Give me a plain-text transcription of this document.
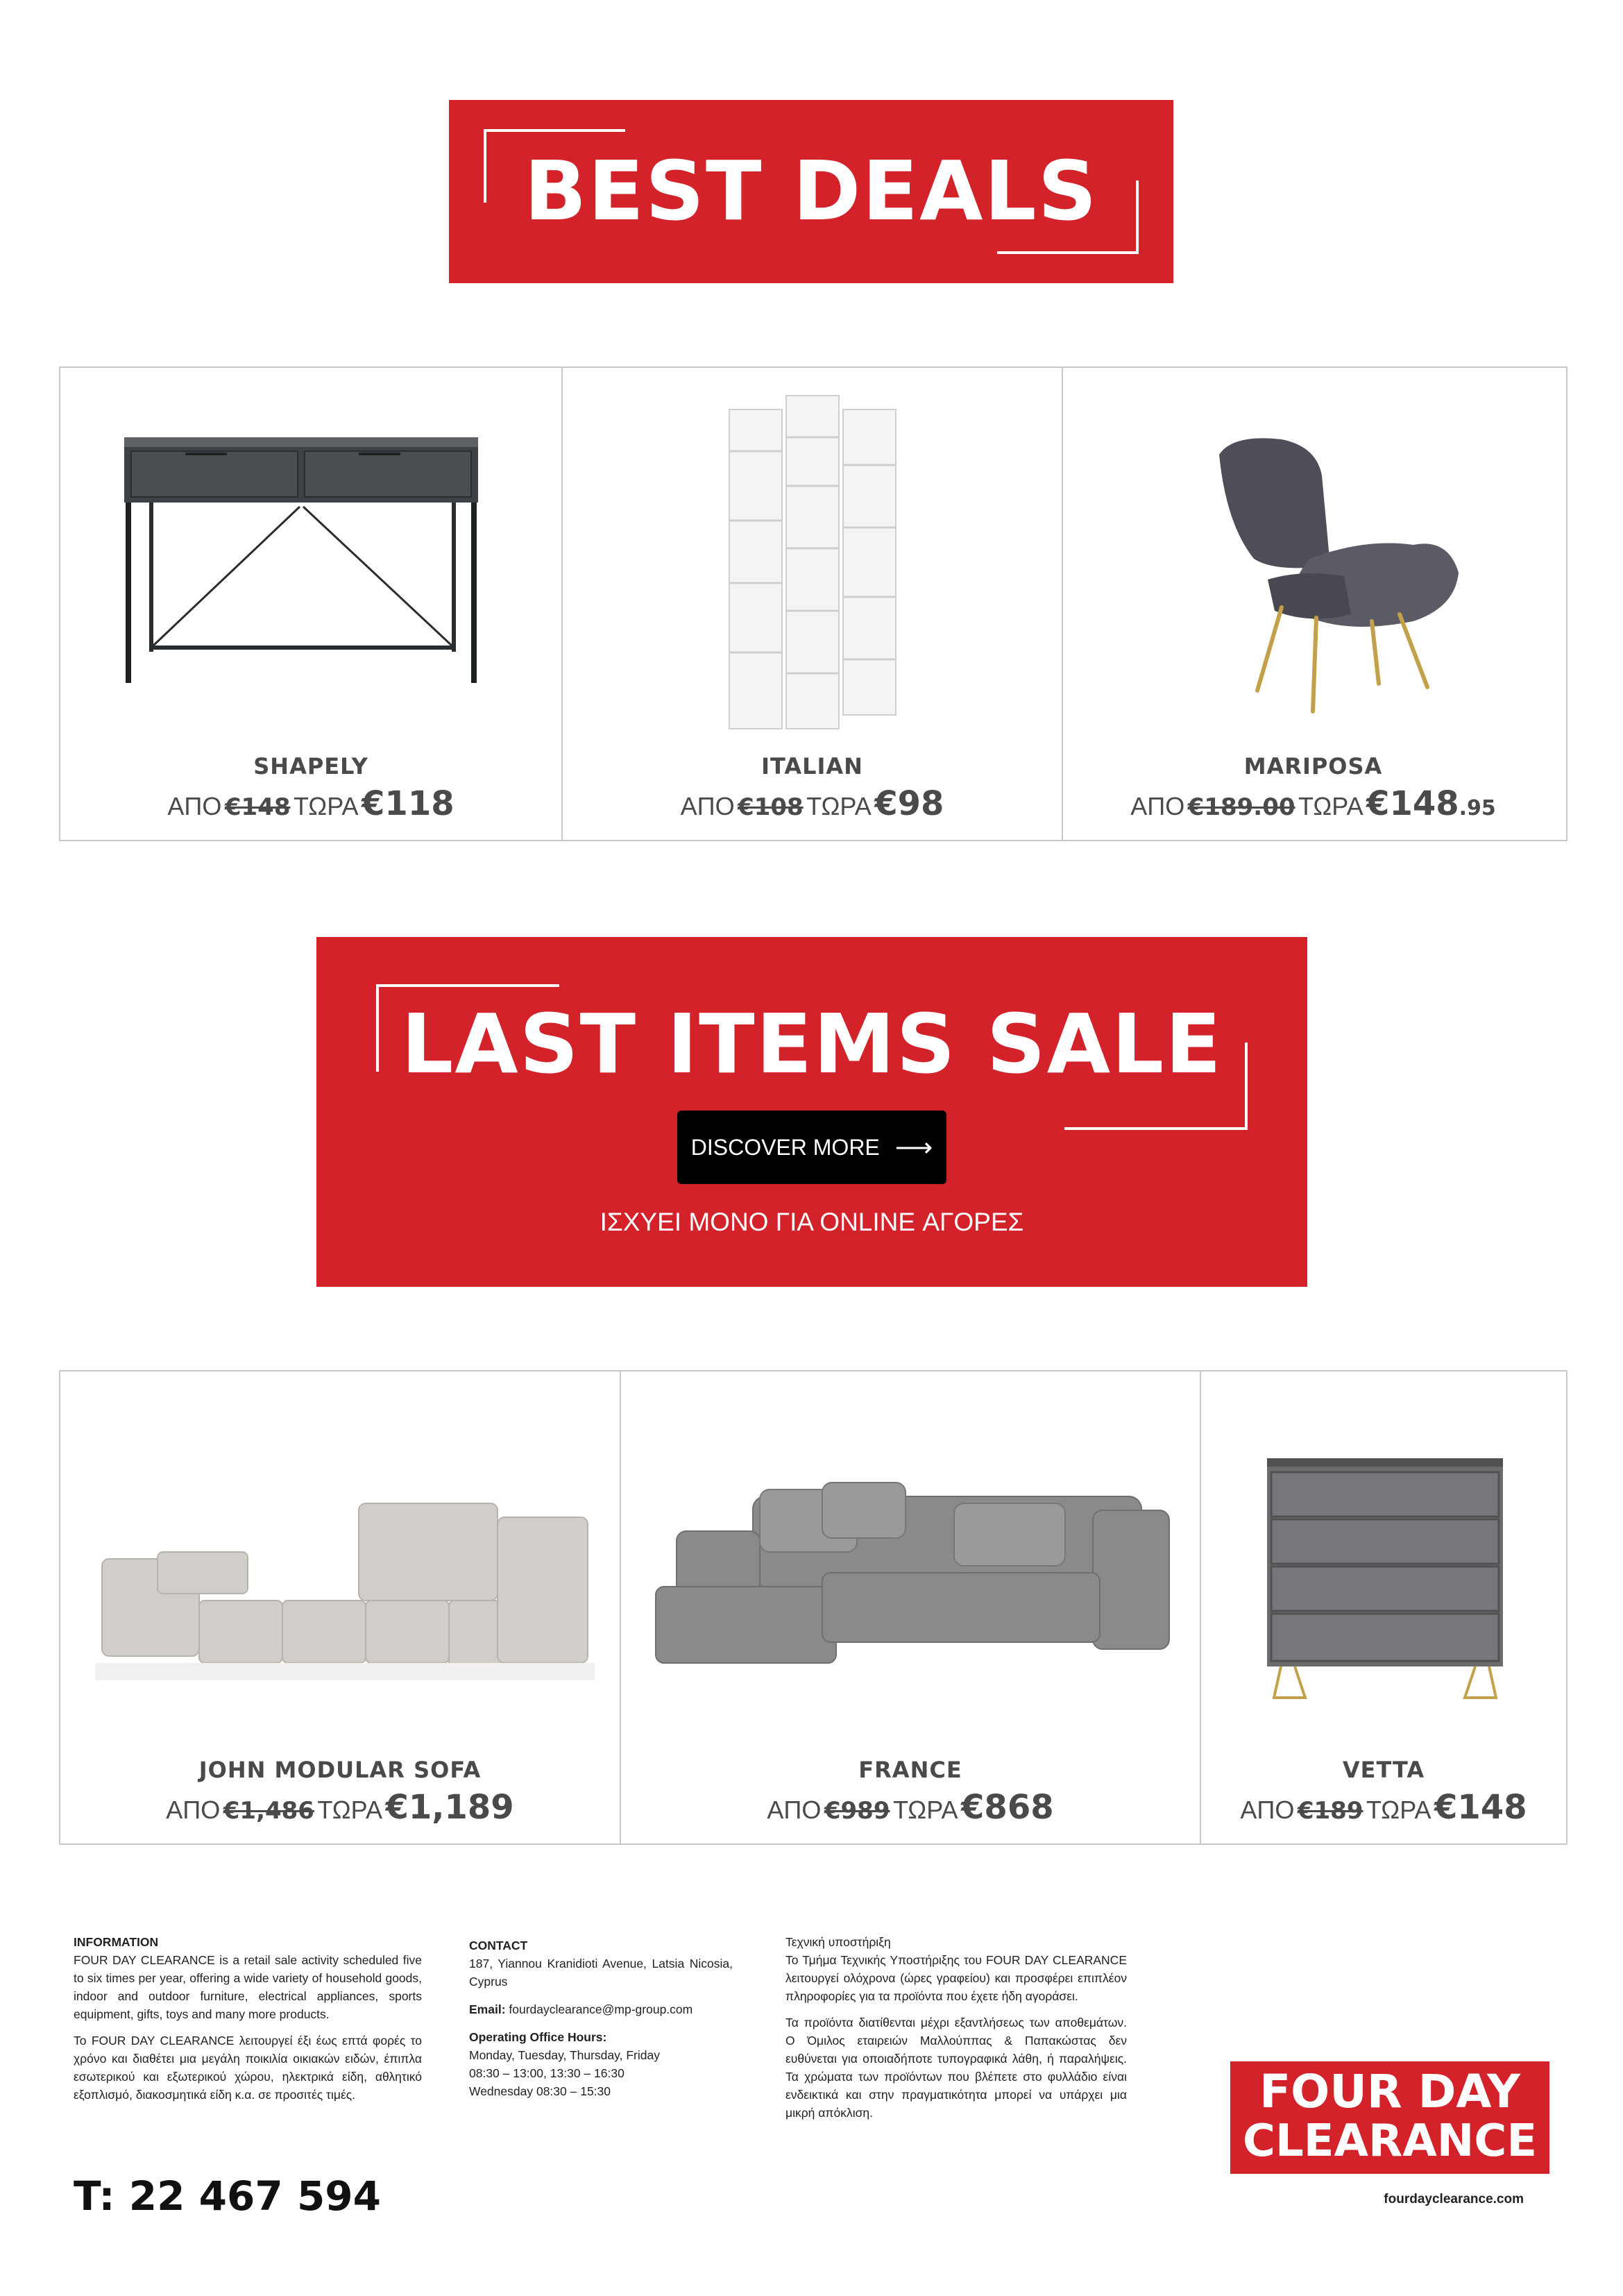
BEST DEALS
SHAPELY
ΑΠΟ €148 ΤΩΡΑ €118
ITALIAN
ΑΠΟ €108 ΤΩΡΑ €98
MARIPOSA
ΑΠΟ €189.00 ΤΩΡΑ €148.95
LAST ITEMS SALE
DISCOVER MORE ⟶
ΙΣΧΥΕΙ ΜΟΝΟ ΓΙΑ ONLINE ΑΓΟΡΕΣ
JOHN MODULAR SOFA
ΑΠΟ €1,486 ΤΩΡΑ €1,189
FRANCE
ΑΠΟ €989 ΤΩΡΑ €868
VETTA
ΑΠΟ €189 ΤΩΡΑ €148

INFORMATION

FOUR DAY CLEARANCE is a retail sale activity scheduled five to six times per year, offering a wide variety of household goods, indoor and outdoor furniture, electrical appliances, sports equipment, gifts, toys and many more products.

Το FOUR DAY CLEARANCE λειτουργεί έξι έως επτά φορές το χρόνο και διαθέτει μια μεγάλη ποικιλία οικιακών ειδών, έπιπλα εσωτερικού και εξωτερικού χώρου, ηλεκτρικά είδη, αθλητικό εξοπλισμό, διακοσμητικά είδη κ.α. σε προσιτές τιμές.

T: 22 467 594

CONTACT

187, Yiannou Kranidioti Avenue, Latsia Nicosia, Cyprus

Email: fourdayclearance@mp-group.com

Operating Office Hours:

Monday, Tuesday, Thursday, Friday

08:30 – 13:00, 13:30 – 16:30

Wednesday 08:30 – 15:30

Τεχνική υποστήριξη

Το Τμήμα Τεχνικής Υποστήριξης του FOUR DAY CLEARANCE λειτουργεί ολόχρονα (ώρες γραφείου) και προσφέρει επιπλέον πληροφορίες για τα προϊόντα που έχετε ήδη αγοράσει.

Τα προϊόντα διατίθενται μέχρι εξαντλήσεως των αποθεμάτων. Ο Όμιλος εταιρειών Μαλλούππας & Παπακώστας δεν ευθύνεται για οποιαδήποτε τυπογραφικά λάθη, ή παραλήψεις. Τα χρώματα των προϊόντων που βλέπετε στο φυλλάδιο είναι ενδεικτικά και στην πραγματικότητα μπορεί να υπάρχει μια μικρή απόκλιση.	FOUR DAY
CLEARANCE
fourdayclearance.com
